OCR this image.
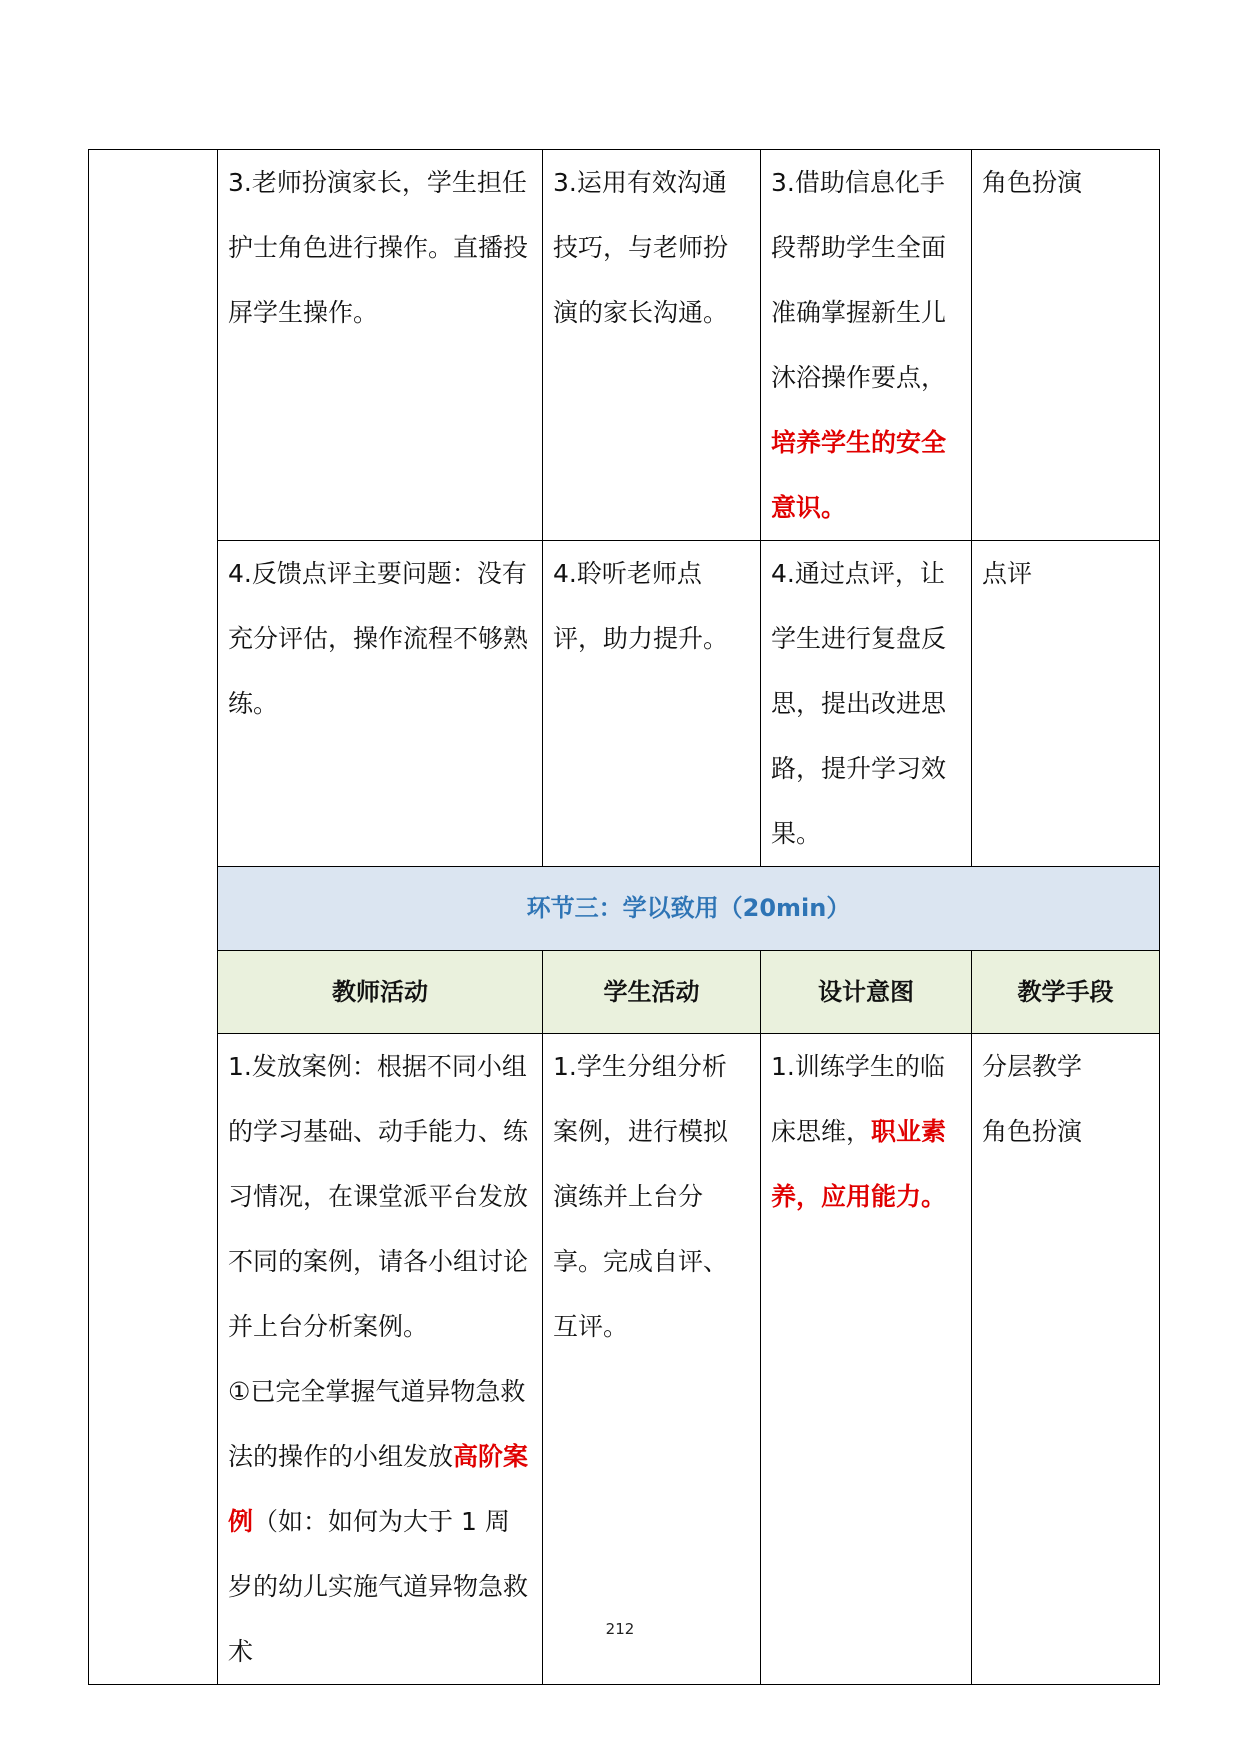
	3.老师扮演家长，学生担任护士角色进行操作。直播投屏学生操作。	3.运用有效沟通技巧，与老师扮演的家长沟通。	3.借助信息化手段帮助学生全面准确掌握新生儿沐浴操作要点，培养学生的安全意识。	角色扮演

	4.反馈点评主要问题：没有充分评估，操作流程不够熟练。	4.聆听老师点评，助力提升。	4.通过点评，让学生进行复盘反思，提出改进思路，提升学习效果。	点评

	环节三：学以致用（20min）			
	教师活动	学生活动	设计意图	教学手段

	1.发放案例：根据不同小组的学习基础、动手能力、练习情况，在课堂派平台发放不同的案例，请各小组讨论并上台分析案例。
①已完全掌握气道异物急救法的操作的小组发放高阶案例（如：如何为大于 1 周岁的幼儿实施气道异物急救术	1.学生分组分析案例，进行模拟演练并上台分享。完成自评、互评。	1.训练学生的临床思维，职业素养，应用能力。	分层教学
角色扮演
212
